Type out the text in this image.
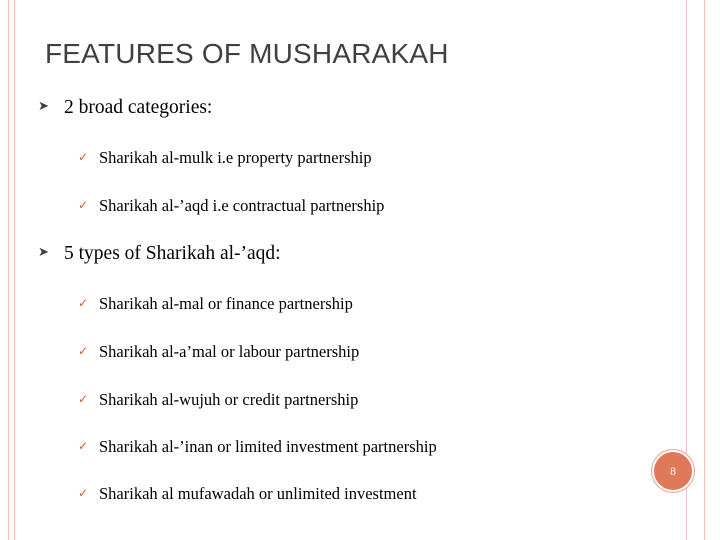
FEATURES OF MUSHARAKAH
➤ 2 broad categories:
✓ Sharikah al-mulk i.e property partnership
✓ Sharikah al-’aqd i.e contractual partnership
➤ 5 types of Sharikah al-’aqd:
✓ Sharikah al-mal or finance partnership
✓ Sharikah al-a’mal or labour partnership
✓ Sharikah al-wujuh or credit partnership
✓ Sharikah al-’inan or limited investment partnership
✓ Sharikah al mufawadah or unlimited investment
8
